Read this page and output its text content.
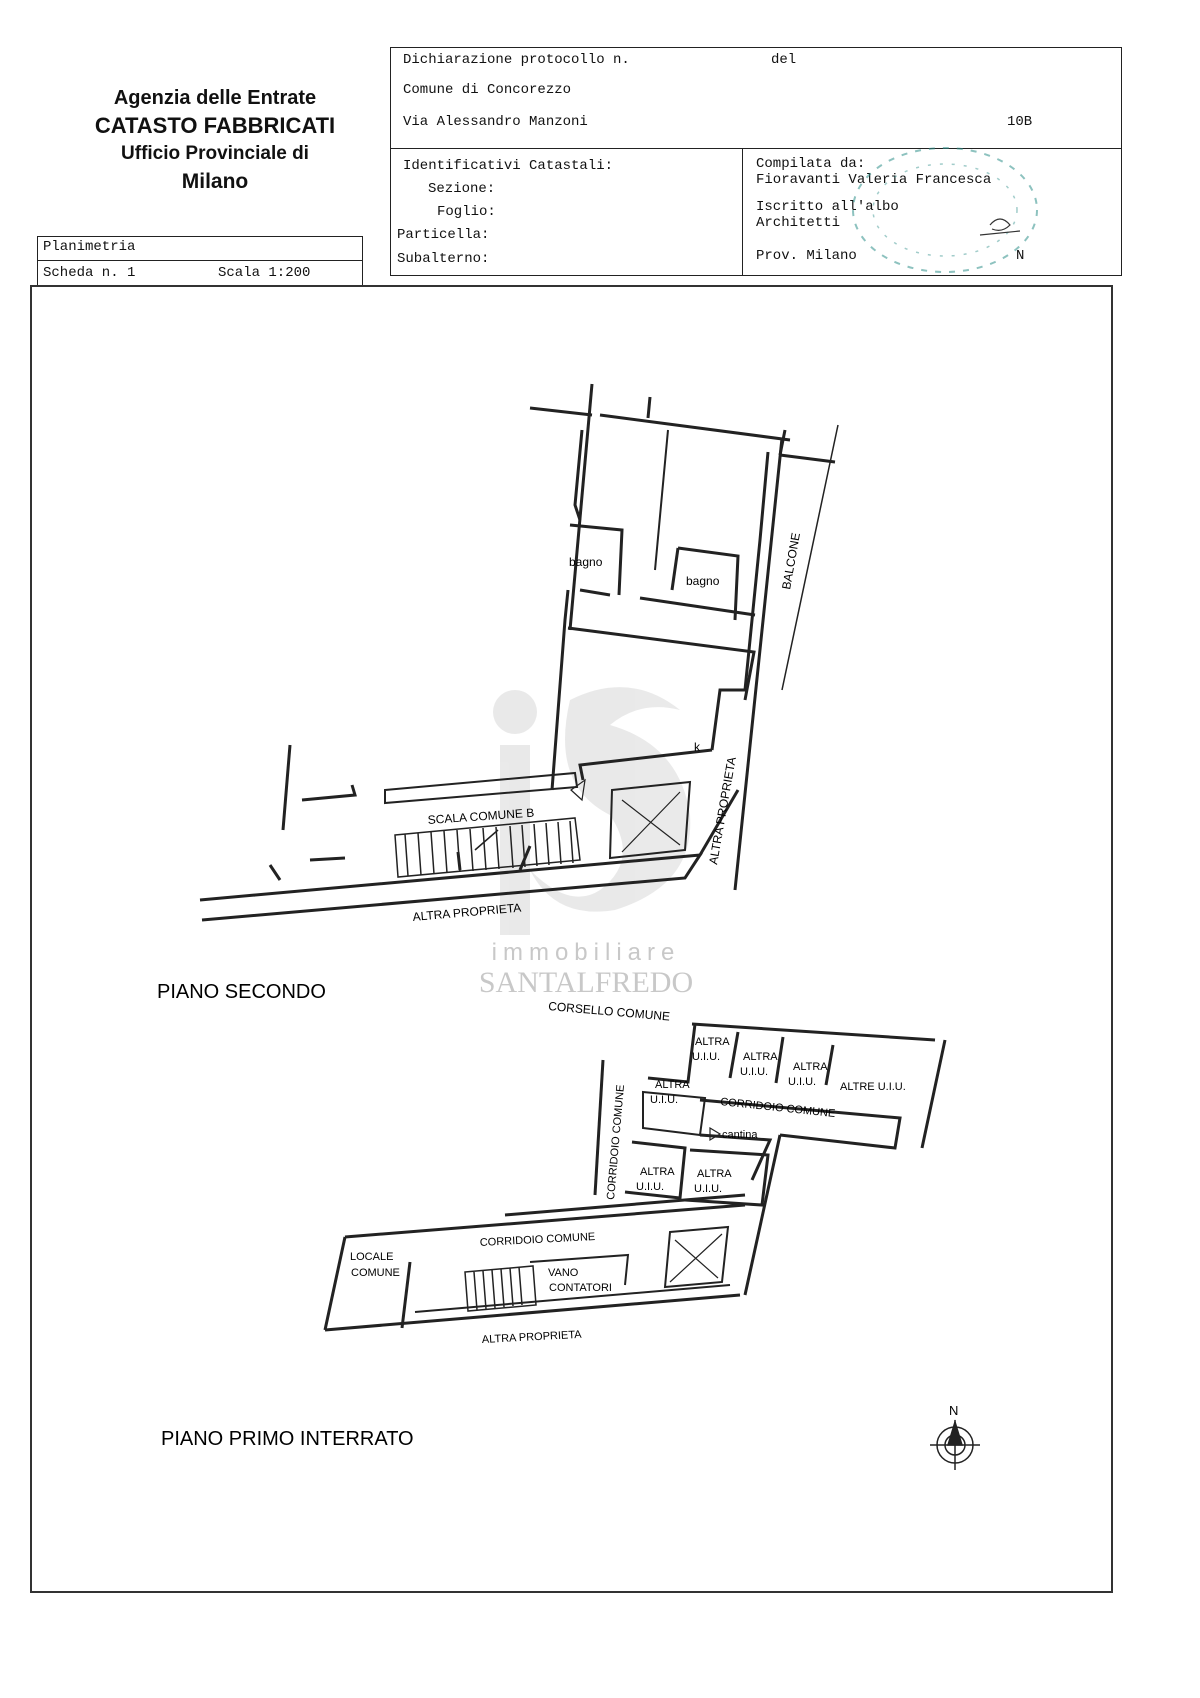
Agenzia delle Entrate
CATASTO FABBRICATI
Ufficio Provinciale di
Milano
Dichiarazione protocollo n.	del
Comune di Concorezzo
Via Alessandro Manzoni	10B
Identificativi Catastali:
Sezione:
Foglio:
Particella:
Subalterno:
Compilata da:
Fioravanti Valeria Francesca
Iscritto all'albo
Architetti
Prov. Milano	N
Planimetria
Scheda n. 1	Scala 1:200
immobiliare
SANTALFREDO
bagno
bagno	BALCONE
k
SCALA COMUNE B	ALTRA PROPRIETA
ALTRA PROPRIETA
PIANO SECONDO
CORSELLO COMUNE
ALTRA
U.I.U. ALTRA
U.I.U. ALTRA
U.I.U. ALTRE U.I.U.
ALTRA
U.I.U.
CORRIDOIO COMUNE	CORRIDOIO COMUNE
cantina
ALTRA
U.I.U.
ALTRA
U.I.U.
CORRIDOIO COMUNE
LOCALE
COMUNE	VANO
CONTATORI
ALTRA PROPRIETA
PIANO PRIMO INTERRATO
N
